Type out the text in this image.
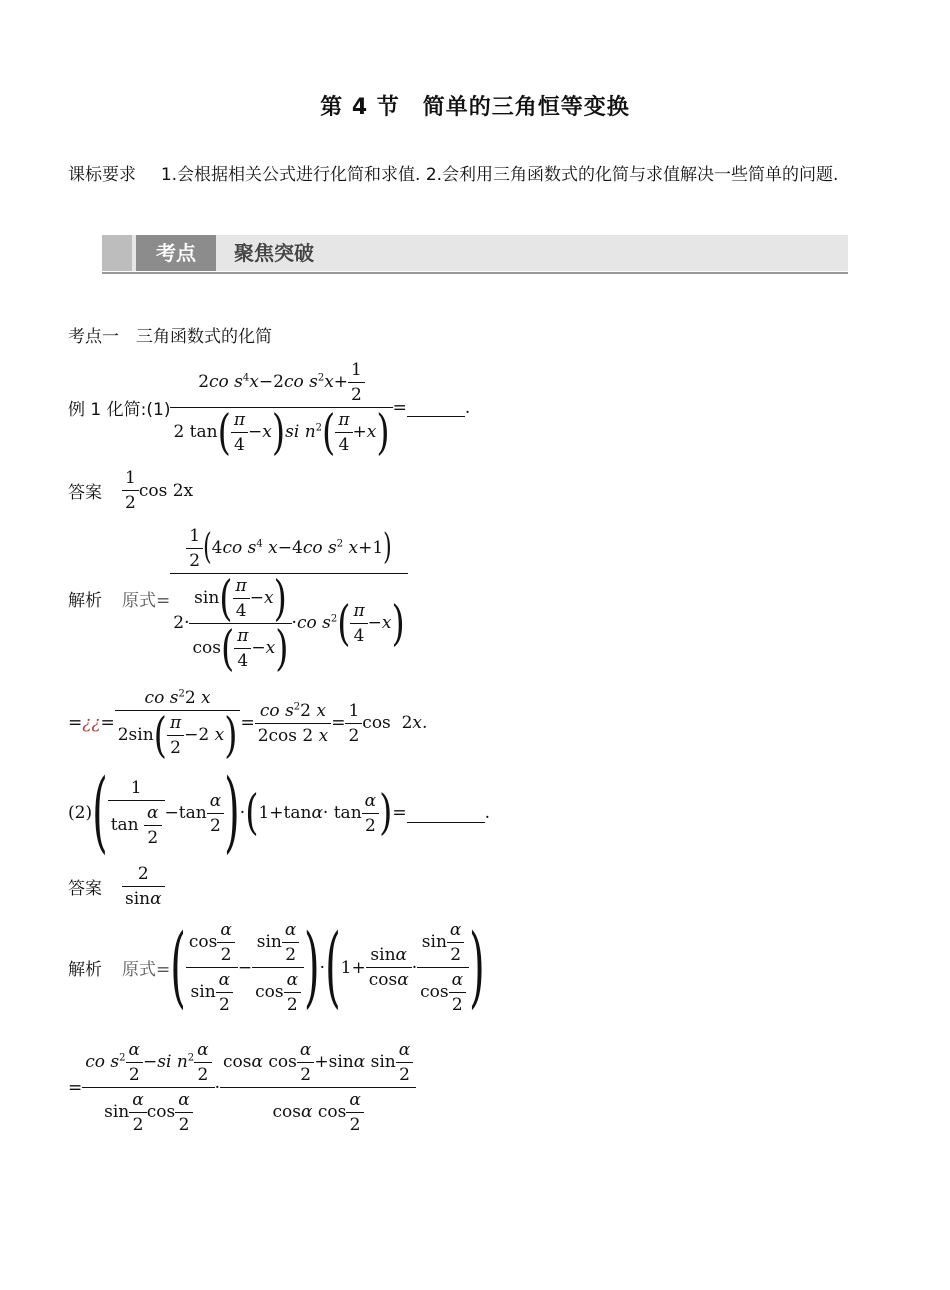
第 4 节　简单的三角恒等变换
课标要求 1.会根据相关公式进行化简和求值. 2.会利用三角函数式的化简与求值解决一些简单的问题.
考点	聚焦突破
考点一　三角函数式的化简
例 1
化简:(1) $\frac{2co s^4x-2co s^2x+ \frac{1}{2}}{2 \tan( \frac{\pi}{4} -x)si n^2( \frac{\pi}{4} +x)}$ =	.
答案 $\frac{1}{2}$ cos 2x
解析 原式= $\frac{\frac{1}{2} (4co s^4 x-4co s^2 x+1)}{2\cdot \frac{\sin( \frac{\pi}{4} -x)}{\cos( \frac{\pi}{4} -x)} \cdot co s^2( \frac{\pi}{4} -x)}$
= ¿¿ = $\frac{co s^22 x}{2\sin( \frac{\pi}{2} -2 x)} = \frac{co s^22 x}{2\cos 2 x} = \frac{1}{2}$ cos  2 x .
(2) ( $\frac{1}{\tan \frac{\alpha}{2}} -\tan \frac{\alpha}{2}$ ) · ( 1+tan $\alpha \cdot \tan \frac{\alpha}{2}$ ) =	.
答案 $\frac{2}{\sin\alpha}$
解析 原式= ( $\frac{\cos \frac{\alpha}{2}}{\sin \frac{\alpha}{2}} - \frac{\sin \frac{\alpha}{2}}{\cos \frac{\alpha}{2}}$ ) · ( $1+ \frac{\sin\alpha}{\cos\alpha} \cdot \frac{\sin \frac{\alpha}{2}}{\cos \frac{\alpha}{2}}$ )
= $\frac{co s^2 \frac{\alpha}{2} -si n^2 \frac{\alpha}{2}}{\sin \frac{\alpha}{2} \cos \frac{\alpha}{2}} \cdot \frac{\cos\alpha \cos \frac{\alpha}{2} +\sin\alpha \sin \frac{\alpha}{2}}{\cos\alpha \cos \frac{\alpha}{2}}$
